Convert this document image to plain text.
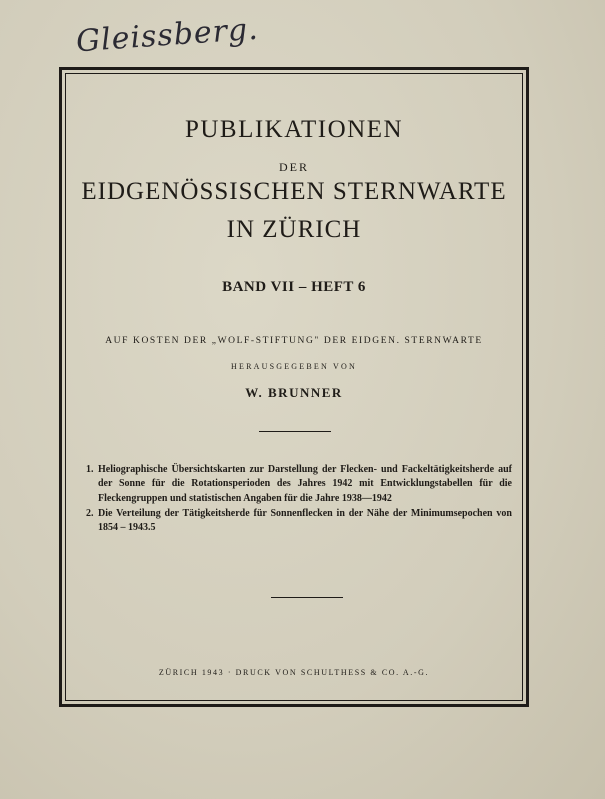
Gleissberg.
PUBLIKATIONEN
DER
EIDGENÖSSISCHEN STERNWARTE
IN ZÜRICH
BAND VII – HEFT 6
AUF KOSTEN DER „WOLF-STIFTUNG" DER EIDGEN. STERNWARTE
HERAUSGEGEBEN VON
W. BRUNNER
1. Heliographische Übersichtskarten zur Darstellung der Flecken- und Fackeltätigkeitsherde auf der Sonne für die Rotationsperioden des Jahres 1942 mit Entwicklungstabellen für die Fleckengruppen und statistischen Angaben für die Jahre 1938—1942
2. Die Verteilung der Tätigkeitsherde für Sonnenflecken in der Nähe der Minimumsepochen von 1854 – 1943.5
ZÜRICH 1943 · DRUCK VON SCHULTHESS & CO. A.-G.
